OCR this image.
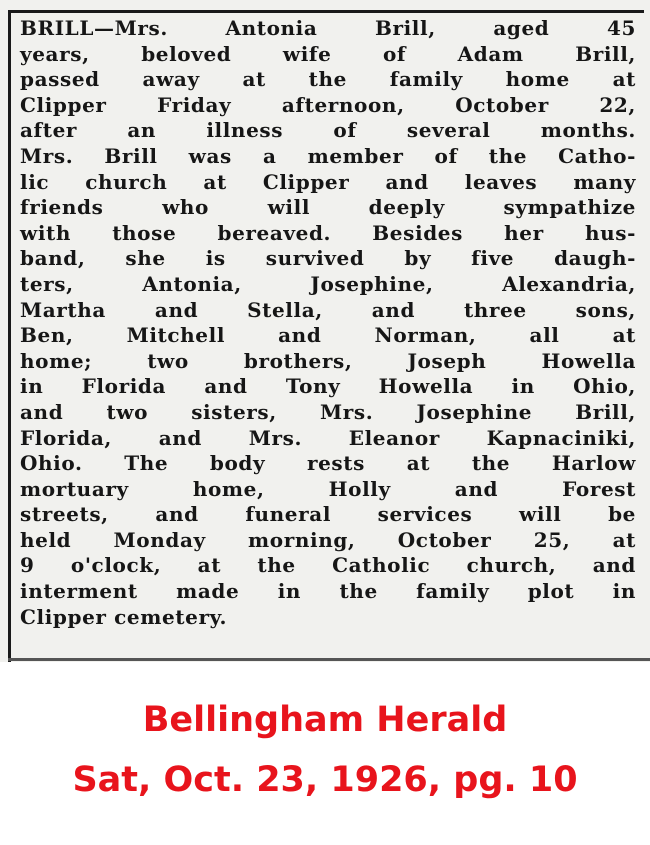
BRILL—Mrs. Antonia Brill, aged 45
years, beloved wife of Adam Brill,
passed away at the family home at
Clipper Friday afternoon, October 22,
after an illness of several months.
Mrs. Brill was a member of the Catho-
lic church at Clipper and leaves many
friends who will deeply sympathize
with those bereaved. Besides her hus-
band, she is survived by five daugh-
ters, Antonia, Josephine, Alexandria,
Martha and Stella, and three sons,
Ben, Mitchell and Norman, all at
home; two brothers, Joseph Howella
in Florida and Tony Howella in Ohio,
and two sisters, Mrs. Josephine Brill,
Florida, and Mrs. Eleanor Kapnaciniki,
Ohio. The body rests at the Harlow
mortuary home, Holly and Forest
streets, and funeral services will be
held Monday morning, October 25, at
9 o'clock, at the Catholic church, and
interment made in the family plot in
Clipper cemetery.
Bellingham Herald
Sat, Oct. 23, 1926, pg. 10
